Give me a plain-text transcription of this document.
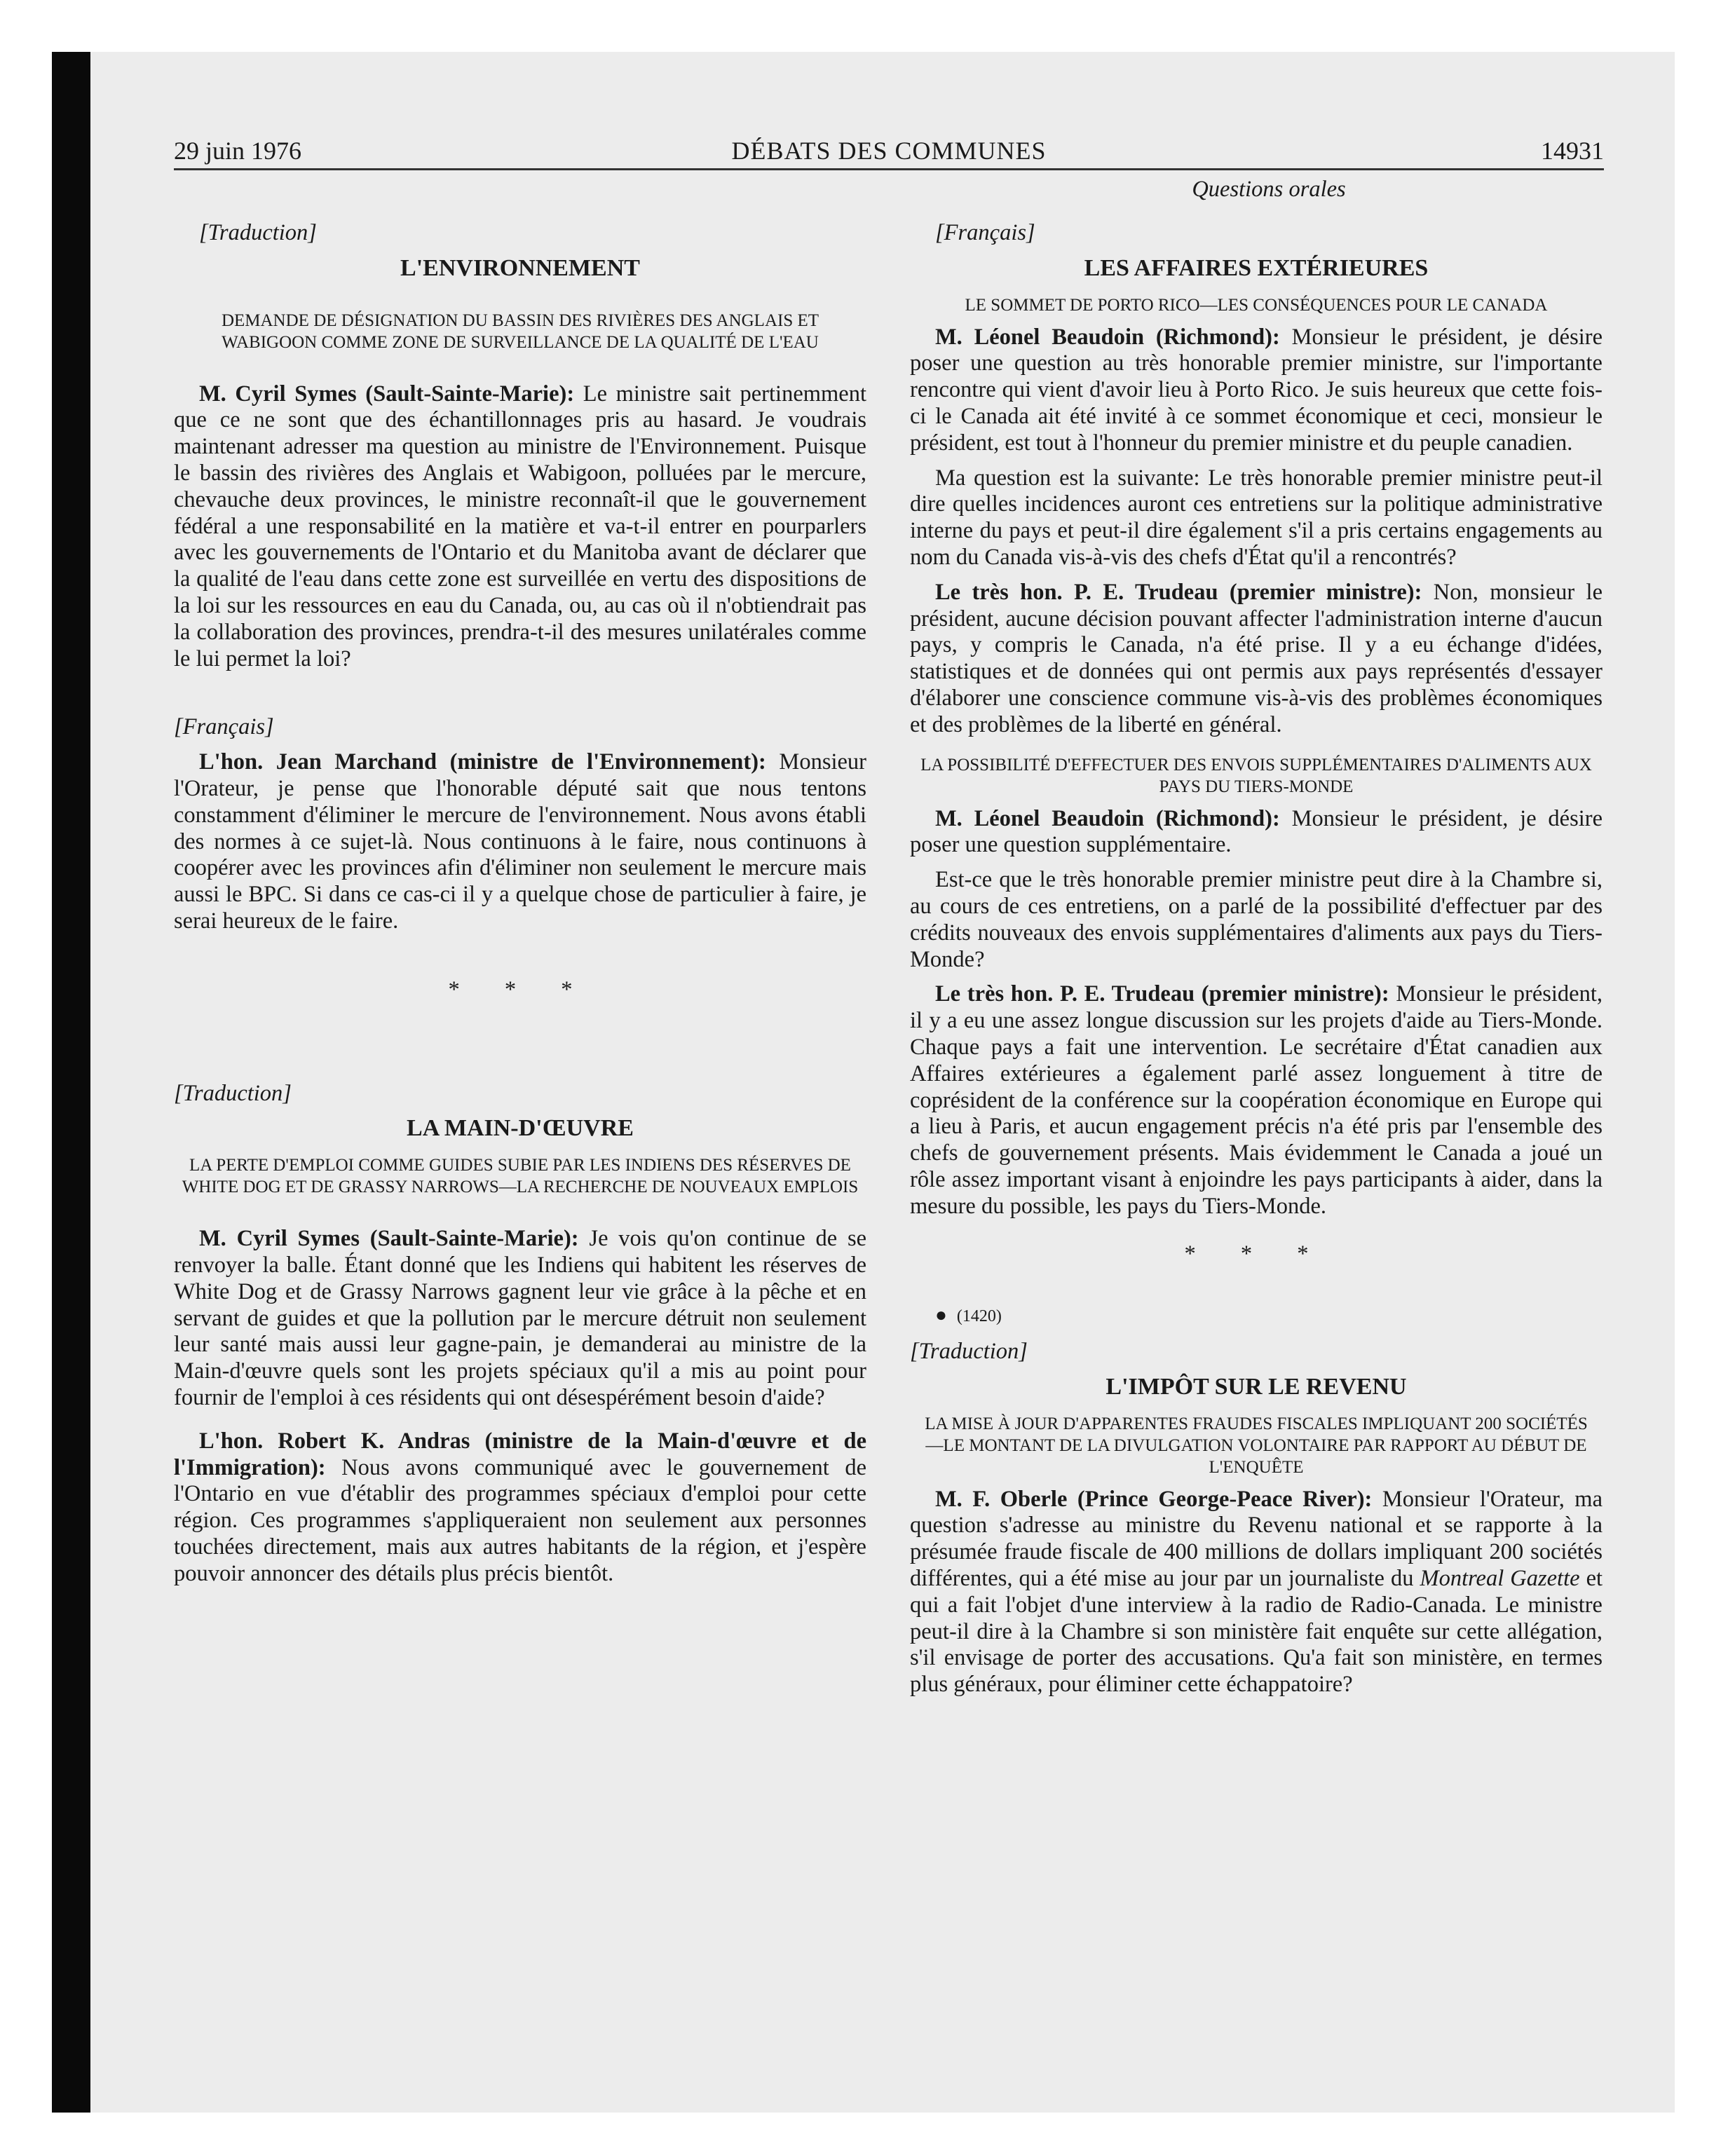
29 juin 1976	DÉBATS DES COMMUNES	14931

[Traduction]

L'ENVIRONNEMENT
DEMANDE DE DÉSIGNATION DU BASSIN DES RIVIÈRES DES ANGLAIS ET WABIGOON COMME ZONE DE SURVEILLANCE DE LA QUALITÉ DE L'EAU

M. Cyril Symes (Sault-Sainte-Marie): Le ministre sait pertinemment que ce ne sont que des échantillonnages pris au hasard. Je voudrais maintenant adresser ma question au ministre de l'Environnement. Puisque le bassin des rivières des Anglais et Wabigoon, polluées par le mercure, chevauche deux provinces, le ministre reconnaît-il que le gouvernement fédéral a une responsabilité en la matière et va-t-il entrer en pourparlers avec les gouvernements de l'Ontario et du Manitoba avant de déclarer que la qualité de l'eau dans cette zone est surveillée en vertu des dispositions de la loi sur les ressources en eau du Canada, ou, au cas où il n'obtiendrait pas la collaboration des provinces, prendra-t-il des mesures unilatérales comme le lui permet la loi?

[Français]

L'hon. Jean Marchand (ministre de l'Environnement): Monsieur l'Orateur, je pense que l'honorable député sait que nous tentons constamment d'éliminer le mercure de l'environnement. Nous avons établi des normes à ce sujet-là. Nous continuons à le faire, nous continuons à coopérer avec les provinces afin d'éliminer non seulement le mercure mais aussi le BPC. Si dans ce cas-ci il y a quelque chose de particulier à faire, je serai heureux de le faire.

* * *

[Traduction]

LA MAIN-D'ŒUVRE
LA PERTE D'EMPLOI COMME GUIDES SUBIE PAR LES INDIENS DES RÉSERVES DE WHITE DOG ET DE GRASSY NARROWS—LA RECHERCHE DE NOUVEAUX EMPLOIS

M. Cyril Symes (Sault-Sainte-Marie): Je vois qu'on continue de se renvoyer la balle. Étant donné que les Indiens qui habitent les réserves de White Dog et de Grassy Narrows gagnent leur vie grâce à la pêche et en servant de guides et que la pollution par le mercure détruit non seulement leur santé mais aussi leur gagne-pain, je demanderai au ministre de la Main-d'œuvre quels sont les projets spéciaux qu'il a mis au point pour fournir de l'emploi à ces résidents qui ont désespérément besoin d'aide?

L'hon. Robert K. Andras (ministre de la Main-d'œuvre et de l'Immigration): Nous avons communiqué avec le gouvernement de l'Ontario en vue d'établir des programmes spéciaux d'emploi pour cette région. Ces programmes s'appliqueraient non seulement aux personnes touchées directement, mais aux autres habitants de la région, et j'espère pouvoir annoncer des détails plus précis bientôt.

Questions orales

[Français]

LES AFFAIRES EXTÉRIEURES
LE SOMMET DE PORTO RICO—LES CONSÉQUENCES POUR LE CANADA

M. Léonel Beaudoin (Richmond): Monsieur le président, je désire poser une question au très honorable premier ministre, sur l'importante rencontre qui vient d'avoir lieu à Porto Rico. Je suis heureux que cette fois-ci le Canada ait été invité à ce sommet économique et ceci, monsieur le président, est tout à l'honneur du premier ministre et du peuple canadien.

Ma question est la suivante: Le très honorable premier ministre peut-il dire quelles incidences auront ces entretiens sur la politique administrative interne du pays et peut-il dire également s'il a pris certains engagements au nom du Canada vis-à-vis des chefs d'État qu'il a rencontrés?

Le très hon. P. E. Trudeau (premier ministre): Non, monsieur le président, aucune décision pouvant affecter l'administration interne d'aucun pays, y compris le Canada, n'a été prise. Il y a eu échange d'idées, statistiques et de données qui ont permis aux pays représentés d'essayer d'élaborer une conscience commune vis-à-vis des problèmes économiques et des problèmes de la liberté en général.

LA POSSIBILITÉ D'EFFECTUER DES ENVOIS SUPPLÉMENTAIRES D'ALIMENTS AUX PAYS DU TIERS-MONDE

M. Léonel Beaudoin (Richmond): Monsieur le président, je désire poser une question supplémentaire.

Est-ce que le très honorable premier ministre peut dire à la Chambre si, au cours de ces entretiens, on a parlé de la possibilité d'effectuer par des crédits nouveaux des envois supplémentaires d'aliments aux pays du Tiers-Monde?

Le très hon. P. E. Trudeau (premier ministre): Monsieur le président, il y a eu une assez longue discussion sur les projets d'aide au Tiers-Monde. Chaque pays a fait une intervention. Le secrétaire d'État canadien aux Affaires extérieures a également parlé assez longuement à titre de coprésident de la conférence sur la coopération économique en Europe qui a lieu à Paris, et aucun engagement précis n'a été pris par l'ensemble des chefs de gouvernement présents. Mais évidemment le Canada a joué un rôle assez important visant à enjoindre les pays participants à aider, dans la mesure du possible, les pays du Tiers-Monde.

* * *

● (1420)

[Traduction]

L'IMPÔT SUR LE REVENU
LA MISE À JOUR D'APPARENTES FRAUDES FISCALES IMPLIQUANT 200 SOCIÉTÉS—LE MONTANT DE LA DIVULGATION VOLONTAIRE PAR RAPPORT AU DÉBUT DE L'ENQUÊTE

M. F. Oberle (Prince George-Peace River): Monsieur l'Orateur, ma question s'adresse au ministre du Revenu national et se rapporte à la présumée fraude fiscale de 400 millions de dollars impliquant 200 sociétés différentes, qui a été mise au jour par un journaliste du Montreal Gazette et qui a fait l'objet d'une interview à la radio de Radio-Canada. Le ministre peut-il dire à la Chambre si son ministère fait enquête sur cette allégation, s'il envisage de porter des accusations. Qu'a fait son ministère, en termes plus généraux, pour éliminer cette échappatoire?
